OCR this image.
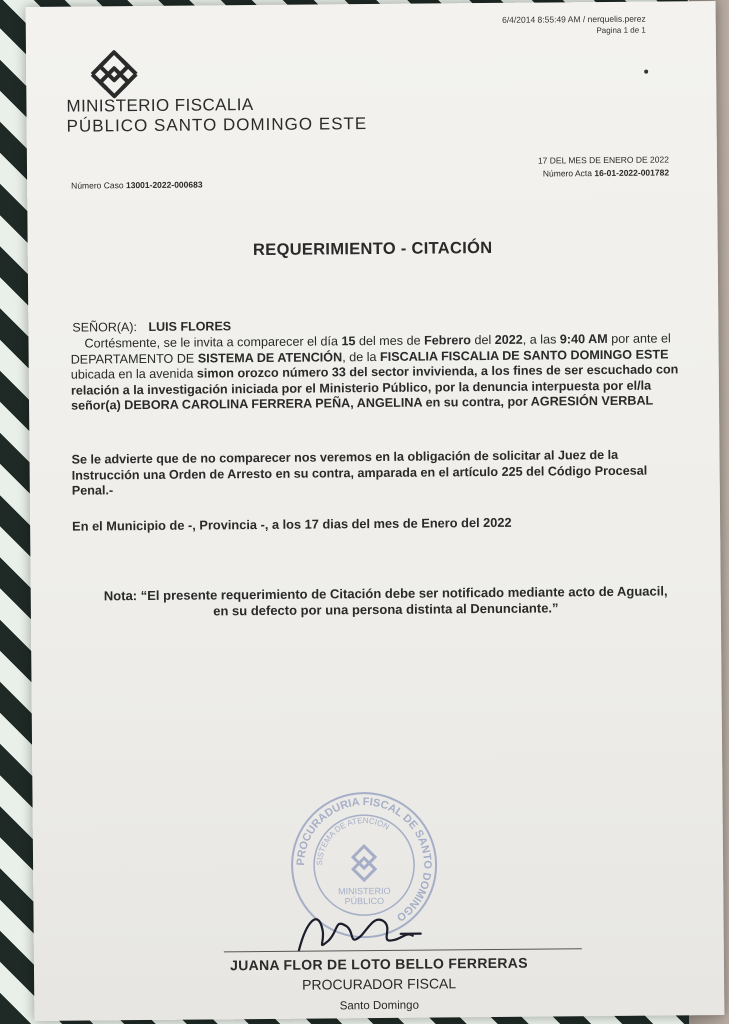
6/4/2014 8:55:49 AM / nerquelis.perez
Pagina 1 de 1
MINISTERIO FISCALIA
PÚBLICO SANTO DOMINGO ESTE
Número Caso 13001-2022-000683
17 DEL MES DE ENERO DE 2022
Número Acta 16-01-2022-001782
REQUERIMIENTO - CITACIÓN
SEÑOR(A): LUIS FLORES
Cortésmente, se le invita a comparecer el día 15 del mes de Febrero del 2022, a las 9:40 AM por ante el DEPARTAMENTO DE SISTEMA DE ATENCIÓN, de la FISCALIA FISCALIA DE SANTO DOMINGO ESTE ubicada en la avenida simon orozco número 33 del sector invivienda, a los fines de ser escuchado con relación a la investigación iniciada por el Ministerio Público, por la denuncia interpuesta por el/la señor(a) DEBORA CAROLINA FERRERA PEÑA, ANGELINA en su contra, por AGRESIÓN VERBAL
Se le advierte que de no comparecer nos veremos en la obligación de solicitar al Juez de la Instrucción una Orden de Arresto en su contra, amparada en el artículo 225 del Código Procesal Penal.-
En el Municipio de -, Provincia -, a los 17 dias del mes de Enero del 2022
Nota: “El presente requerimiento de Citación debe ser notificado mediante acto de Aguacil,
en su defecto por una persona distinta al Denunciante.”
PROCURADURIA FISCAL DE SANTO DOMINGO
SISTEMA DE ATENCIÓN
MINISTERIO
PÚBLICO
JUANA FLOR DE LOTO BELLO FERRERAS
PROCURADOR FISCAL
Santo Domingo
